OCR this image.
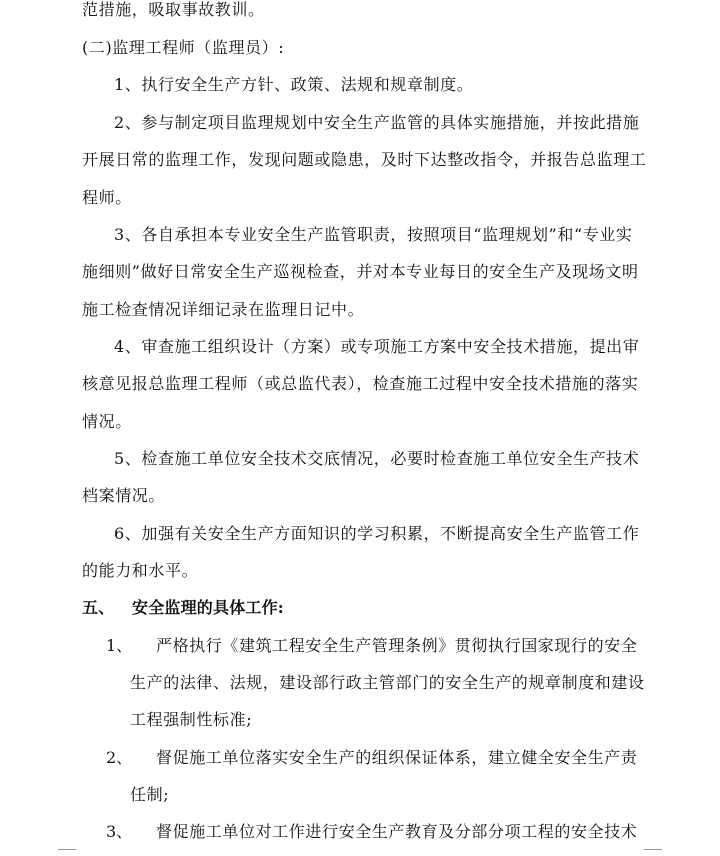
范措施，吸取事故教训。
(二)监理工程师（监理员）:
1、执行安全生产方针、政策、法规和规章制度。
2、参与制定项目监理规划中安全生产监管的具体实施措施，并按此措施
开展日常的监理工作，发现问题或隐患，及时下达整改指令，并报告总监理工
程师。
3、各自承担本专业安全生产监管职责，按照项目“监理规划”和“专业实
施细则”做好日常安全生产巡视检查，并对本专业每日的安全生产及现场文明
施工检查情况详细记录在监理日记中。
4、审查施工组织设计（方案）或专项施工方案中安全技术措施，提出审
核意见报总监理工程师（或总监代表），检查施工过程中安全技术措施的落实
情况。
5、检查施工单位安全技术交底情况，必要时检查施工单位安全生产技术
档案情况。
6、加强有关安全生产方面知识的学习积累，不断提高安全生产监管工作
的能力和水平。
五、 安全监理的具体工作:
1、 严格执行《建筑工程安全生产管理条例》贯彻执行国家现行的安全
生产的法律、法规，建设部行政主管部门的安全生产的规章制度和建设
工程强制性标准;
2、 督促施工单位落实安全生产的组织保证体系，建立健全安全生产责
任制;
3、 督促施工单位对工作进行安全生产教育及分部分项工程的安全技术
